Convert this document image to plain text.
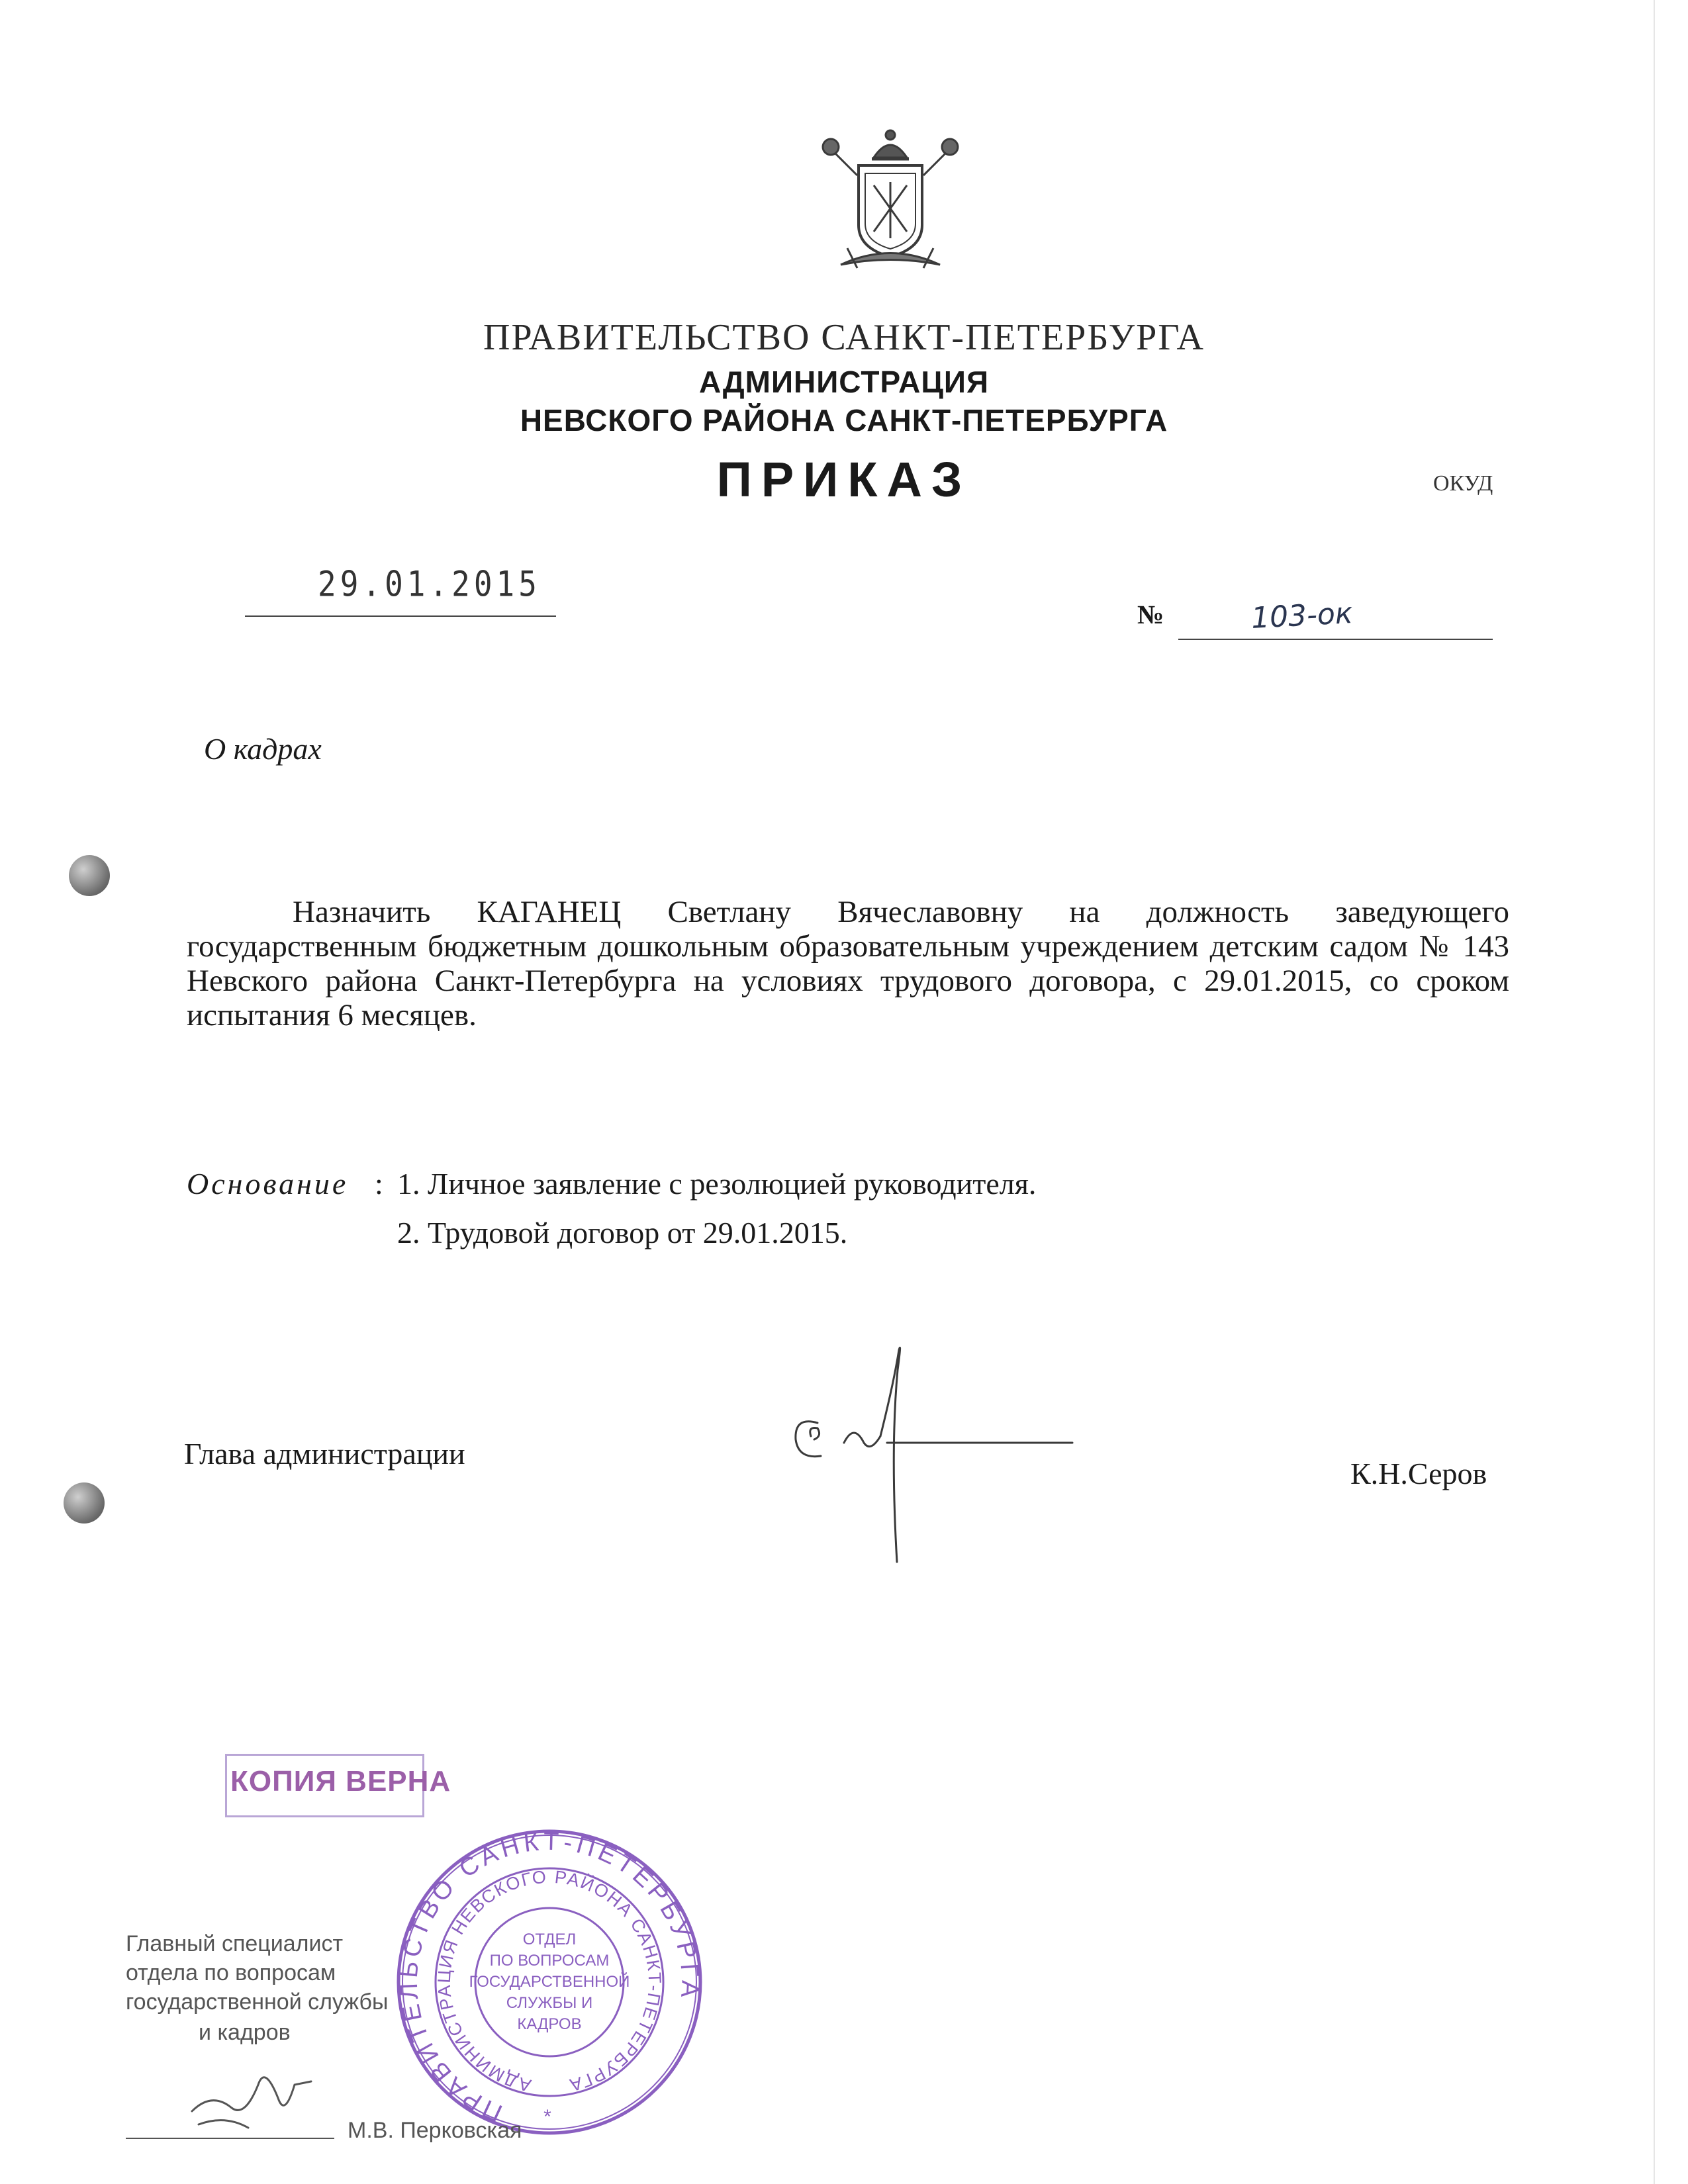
ПРАВИТЕЛЬСТВО САНКТ-ПЕТЕРБУРГА
АДМИНИСТРАЦИЯ
НЕВСКОГО РАЙОНА САНКТ-ПЕТЕРБУРГА
ПРИКАЗ	ОКУД
29.01.2015
№	103-ок
О кадрах
Назначить КАГАНЕЦ Светлану Вячеславовну на должность заведующего государственным бюджетным дошкольным образовательным учреждением детским садом № 143 Невского района Санкт-Петербурга на условиях трудового договора, с 29.01.2015, со сроком испытания 6 месяцев.
Основание : 1. Личное заявление с резолюцией руководителя.
2. Трудовой договор от 29.01.2015.
Глава администрации
К.Н.Серов
КОПИЯ ВЕРНА
ПРАВИТЕЛЬСТВО САНКТ-ПЕТЕРБУРГА
АДМИНИСТРАЦИЯ НЕВСКОГО РАЙОНА САНКТ-ПЕТЕРБУРГА
ОТДЕЛ
ПО ВОПРОСАМ
ГОСУДАРСТВЕННОЙ
СЛУЖБЫ И
КАДРОВ
*
Главный специалист
отдела по вопросам
государственной службы
и кадров
М.В. Перковская
